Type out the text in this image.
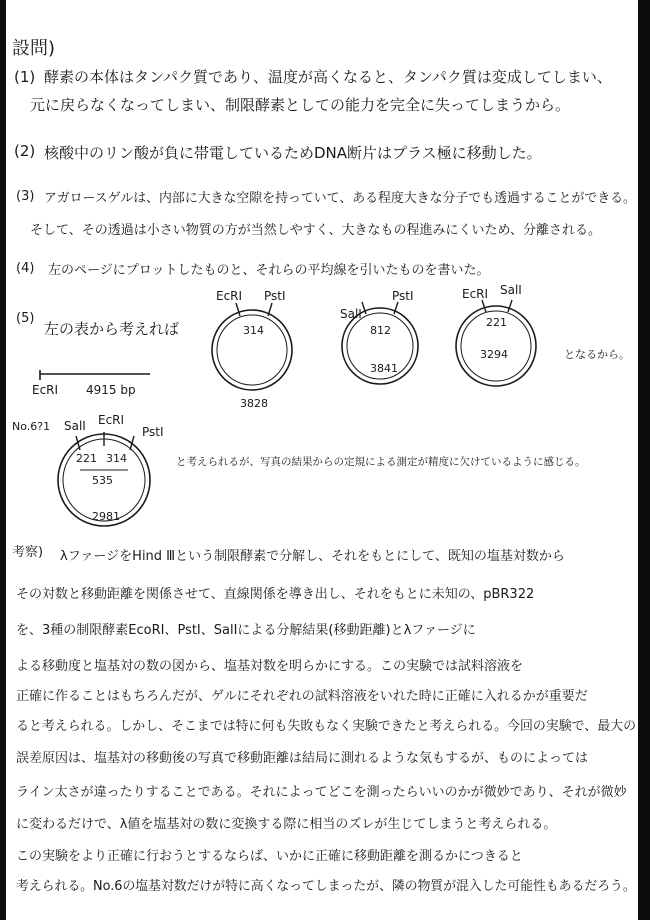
設問)
(1) 酵素の本体はタンパク質であり、温度が高くなると、タンパク質は変成してしまい、
元に戻らなくなってしまい、制限酵素としての能力を完全に失ってしまうから。
(2) 核酸中のリン酸が負に帯電しているためDNA断片はプラス極に移動した。
(3) アガロースゲルは、内部に大きな空隙を持っていて、ある程度大きな分子でも透過することができる。
そして、その透過は小さい物質の方が当然しやすく、大きなもの程進みにくいため、分離される。
(4) 左のページにプロットしたものと、それらの平均線を引いたものを書いた。
(5)
左の表から考えれば
EcRI 4915 bp
EcRI PstI
314
3828
SalI
PstI
812
3841
EcRI SalI
221
3294	となるから。
No.6?1 SalI EcRI
PstI
221 314
535
2981
と考えられるが、写真の結果からの定規による測定が精度に欠けているように感じる。
考察) λファージをHind Ⅲという制限酵素で分解し、それをもとにして、既知の塩基対数から
その対数と移動距離を関係させて、直線関係を導き出し、それをもとに未知の、pBR322
を、3種の制限酵素EcoRI、PstI、SalIによる分解結果(移動距離)とλファージに
よる移動度と塩基対の数の図から、塩基対数を明らかにする。この実験では試料溶液を
正確に作ることはもちろんだが、ゲルにそれぞれの試料溶液をいれた時に正確に入れるかが重要だ
ると考えられる。しかし、そこまでは特に何も失敗もなく実験できたと考えられる。今回の実験で、最大の
誤差原因は、塩基対の移動後の写真で移動距離は結局に測れるような気もするが、ものによっては
ライン太さが違ったりすることである。それによってどこを測ったらいいのかが微妙であり、それが微妙
に変わるだけで、λ値を塩基対の数に変換する際に相当のズレが生じてしまうと考えられる。
この実験をより正確に行おうとするならば、いかに正確に移動距離を測るかにつきると
考えられる。No.6の塩基対数だけが特に高くなってしまったが、隣の物質が混入した可能性もあるだろう。
